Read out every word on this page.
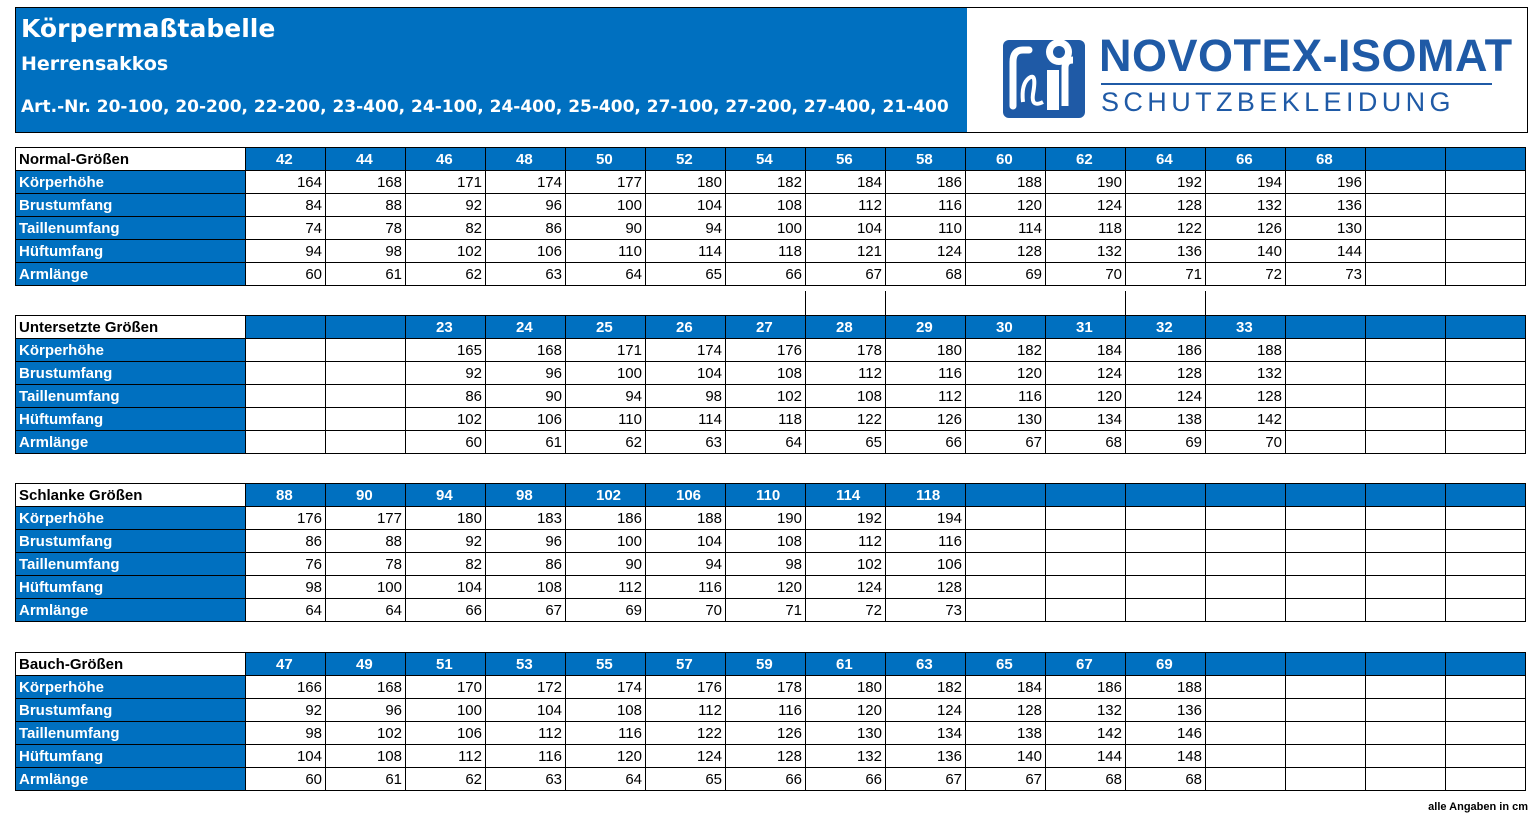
Körpermaßtabelle
Herrensakkos
Art.-Nr. 20-100, 20-200, 22-200, 23-400, 24-100, 24-400, 25-400, 27-100, 27-200, 27-400, 21-400
NOVOTEX-ISOMAT
SCHUTZBEKLEIDUNG
Normal-Größen	42	44	46	48	50	52	54	56	58	60	62	64	66	68		
Körperhöhe	164	168	171	174	177	180	182	184	186	188	190	192	194	196		
Brustumfang	84	88	92	96	100	104	108	112	116	120	124	128	132	136		
Taillenumfang	74	78	82	86	90	94	100	104	110	114	118	122	126	130		
Hüftumfang	94	98	102	106	110	114	118	121	124	128	132	136	140	144		
Armlänge	60	61	62	63	64	65	66	67	68	69	70	71	72	73		
Untersetzte Größen			23	24	25	26	27	28	29	30	31	32	33			
Körperhöhe			165	168	171	174	176	178	180	182	184	186	188			
Brustumfang			92	96	100	104	108	112	116	120	124	128	132			
Taillenumfang			86	90	94	98	102	108	112	116	120	124	128			
Hüftumfang			102	106	110	114	118	122	126	130	134	138	142			
Armlänge			60	61	62	63	64	65	66	67	68	69	70			
Schlanke Größen	88	90	94	98	102	106	110	114	118							
Körperhöhe	176	177	180	183	186	188	190	192	194							
Brustumfang	86	88	92	96	100	104	108	112	116							
Taillenumfang	76	78	82	86	90	94	98	102	106							
Hüftumfang	98	100	104	108	112	116	120	124	128							
Armlänge	64	64	66	67	69	70	71	72	73							
Bauch-Größen	47	49	51	53	55	57	59	61	63	65	67	69				
Körperhöhe	166	168	170	172	174	176	178	180	182	184	186	188				
Brustumfang	92	96	100	104	108	112	116	120	124	128	132	136				
Taillenumfang	98	102	106	112	116	122	126	130	134	138	142	146				
Hüftumfang	104	108	112	116	120	124	128	132	136	140	144	148				
Armlänge	60	61	62	63	64	65	66	66	67	67	68	68				
alle Angaben in cm
